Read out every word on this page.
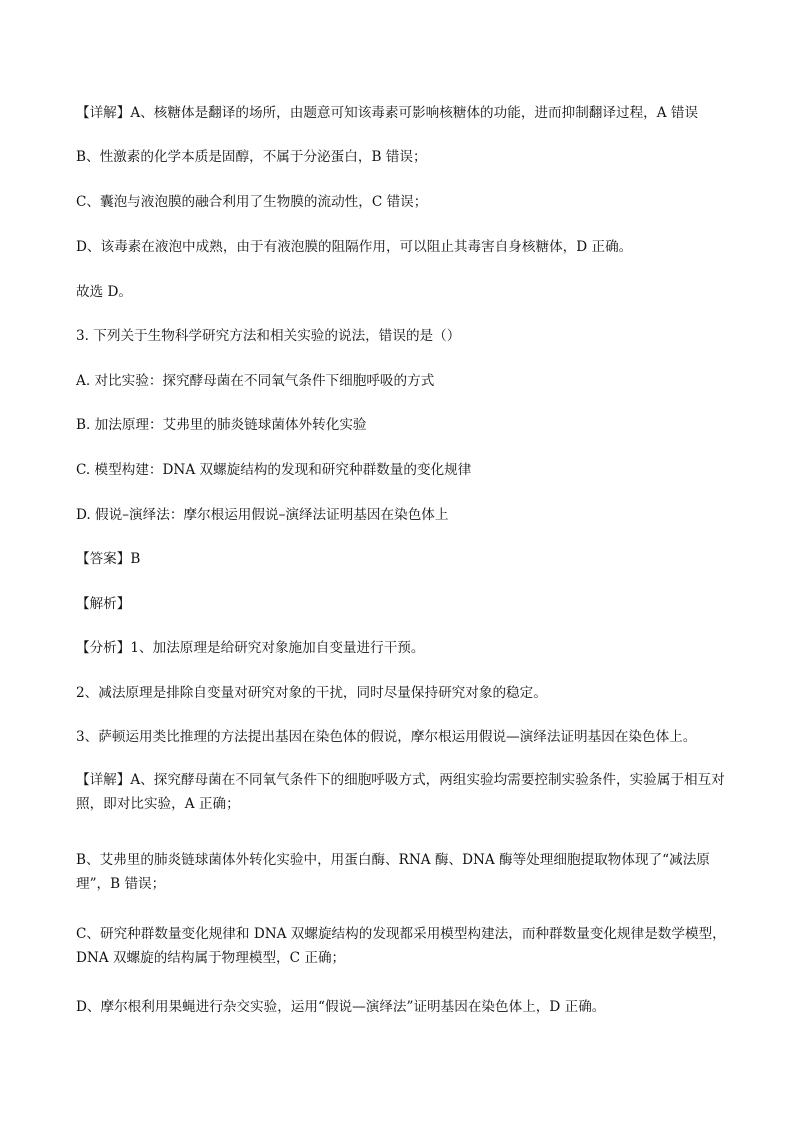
【详解】A、核糖体是翻译的场所，由题意可知该毒素可影响核糖体的功能，进而抑制翻译过程，A 错误
B、性激素的化学本质是固醇，不属于分泌蛋白，B 错误；
C、囊泡与液泡膜的融合利用了生物膜的流动性，C 错误；
D、该毒素在液泡中成熟，由于有液泡膜的阻隔作用，可以阻止其毒害自身核糖体，D 正确。
故选 D。
3. 下列关于生物科学研究方法和相关实验的说法，错误的是（）
A. 对比实验：探究酵母菌在不同氧气条件下细胞呼吸的方式
B. 加法原理：艾弗里的肺炎链球菌体外转化实验
C. 模型构建：DNA 双螺旋结构的发现和研究种群数量的变化规律
D. 假说–演绎法：摩尔根运用假说–演绎法证明基因在染色体上
【答案】B
【解析】
【分析】1、加法原理是给研究对象施加自变量进行干预。
2、减法原理是排除自变量对研究对象的干扰，同时尽量保持研究对象的稳定。
3、萨顿运用类比推理的方法提出基因在染色体的假说，摩尔根运用假说—演绎法证明基因在染色体上。
【详解】A、探究酵母菌在不同氧气条件下的细胞呼吸方式，两组实验均需要控制实验条件，实验属于相互对照，即对比实验，A 正确；
B、艾弗里的肺炎链球菌体外转化实验中，用蛋白酶、RNA 酶、DNA 酶等处理细胞提取物体现了“减法原理”，B 错误；
C、研究种群数量变化规律和 DNA 双螺旋结构的发现都采用模型构建法，而种群数量变化规律是数学模型，DNA 双螺旋的结构属于物理模型，C 正确；
D、摩尔根利用果蝇进行杂交实验，运用“假说—演绎法”证明基因在染色体上，D 正确。
